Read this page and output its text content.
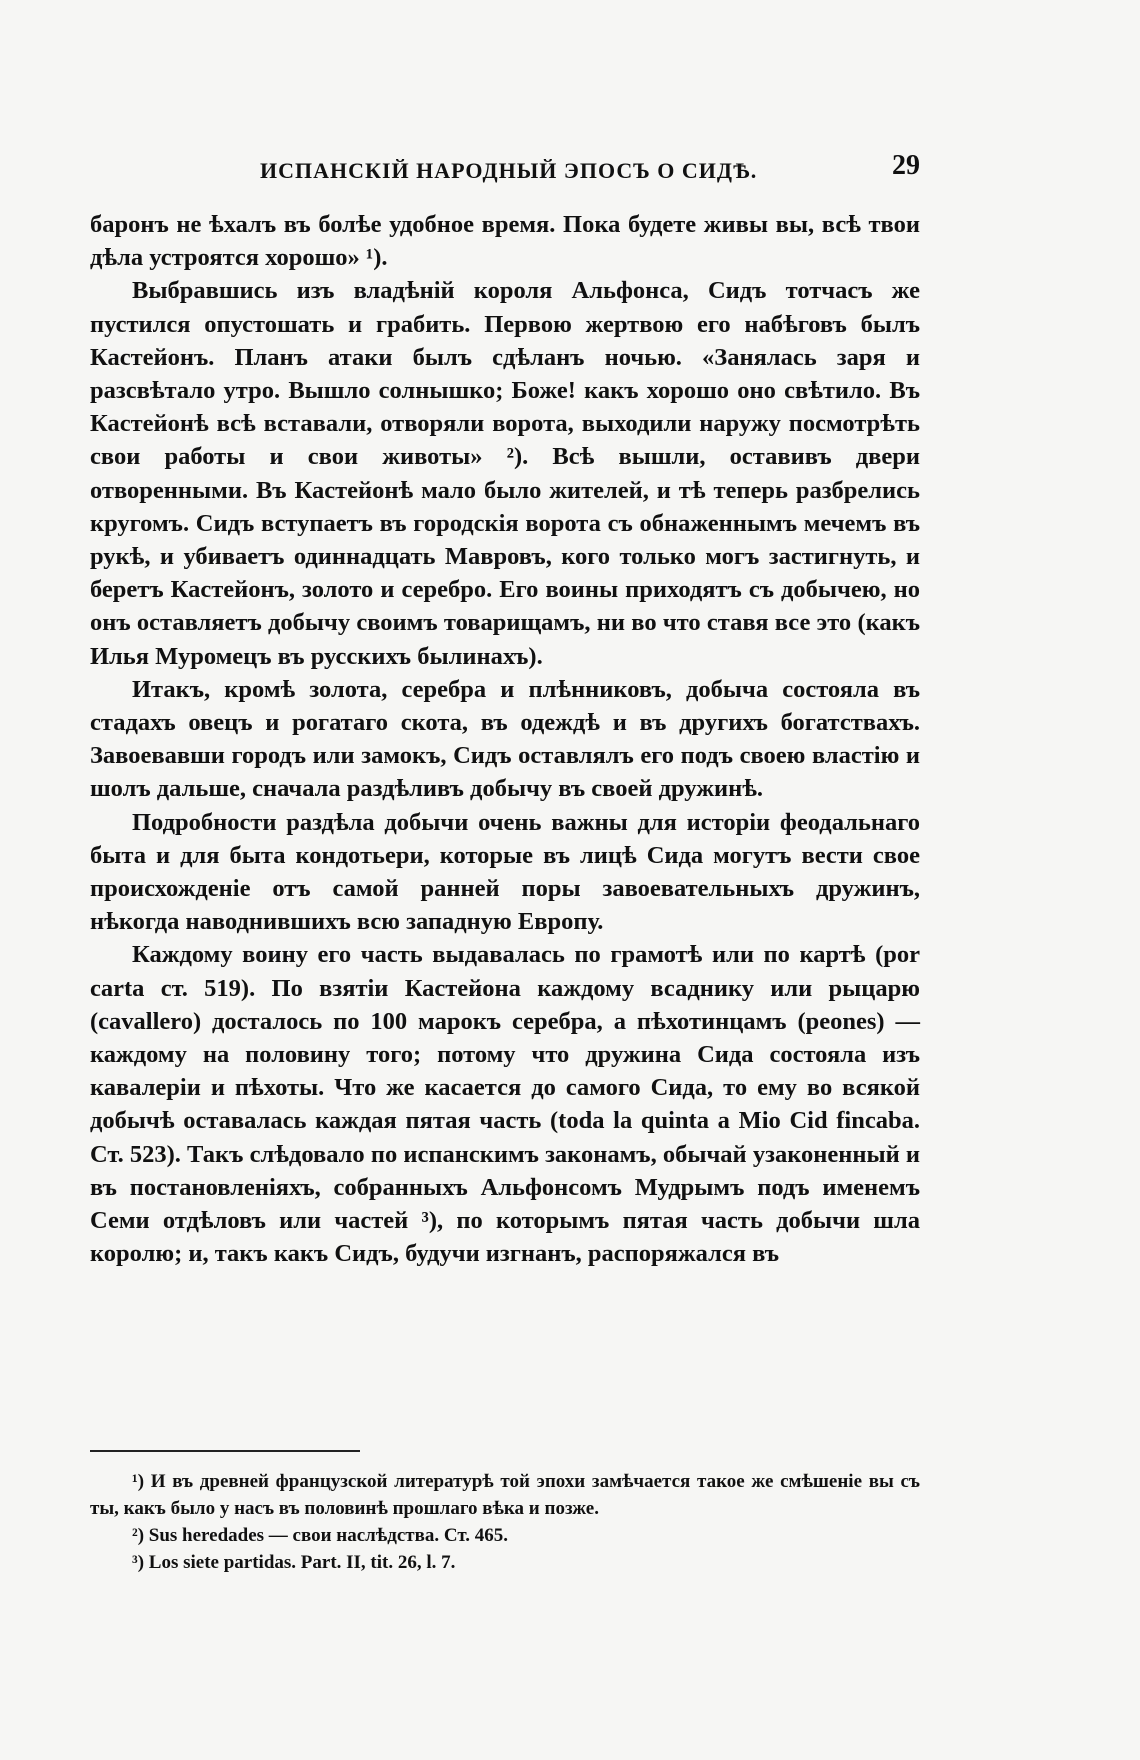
ИСПАНСКІЙ НАРОДНЫЙ ЭПОСЪ О СИДѢ.	29

баронъ не ѣхалъ въ болѣе удобное время. Пока будете живы вы, всѣ твои дѣла устроятся хорошо» ¹).

Выбравшись изъ владѣній короля Альфонса, Сидъ тотчасъ же пустился опустошать и грабить. Первою жертвою его набѣговъ былъ Кастейонъ. Планъ атаки былъ сдѣланъ ночью. «Занялась заря и разсвѣтало утро. Вышло солнышко; Боже! какъ хорошо оно свѣтило. Въ Кастейонѣ всѣ вставали, отворяли ворота, выходили наружу посмотрѣть свои работы и свои животы» ²). Всѣ вышли, оставивъ двери отворенными. Въ Кастейонѣ мало было жителей, и тѣ теперь разбрелись кругомъ. Сидъ вступаетъ въ городскія ворота съ обнаженнымъ мечемъ въ рукѣ, и убиваетъ одиннадцать Мавровъ, кого только могъ застигнуть, и беретъ Кастейонъ, золото и серебро. Его воины приходятъ съ добычею, но онъ оставляетъ добычу своимъ товарищамъ, ни во что ставя все это (какъ Илья Муромецъ въ русскихъ былинахъ).

Итакъ, кромѣ золота, серебра и плѣнниковъ, добыча состояла въ стадахъ овецъ и рогатаго скота, въ одеждѣ и въ другихъ богатствахъ. Завоевавши городъ или замокъ, Сидъ оставлялъ его подъ своею властію и шолъ дальше, сначала раздѣливъ добычу въ своей дружинѣ.

Подробности раздѣла добычи очень важны для исторіи феодальнаго быта и для быта кондотьери, которые въ лицѣ Сида могутъ вести свое происхожденіе отъ самой ранней поры завоевательныхъ дружинъ, нѣкогда наводнившихъ всю западную Европу.

Каждому воину его часть выдавалась по грамотѣ или по картѣ (por carta ст. 519). По взятіи Кастейона каждому всаднику или рыцарю (cavallero) досталось по 100 марокъ серебра, а пѣхотинцамъ (peones) — каждому на половину того; потому что дружина Сида состояла изъ кавалеріи и пѣхоты. Что же касается до самого Сида, то ему во всякой добычѣ оставалась каждая пятая часть (toda la quinta a Mio Cid fincaba. Ст. 523). Такъ слѣдовало по испанскимъ законамъ, обычай узаконенный и въ постановленіяхъ, собранныхъ Альфонсомъ Мудрымъ подъ именемъ Семи отдѣловъ или частей ³), по которымъ пятая часть добычи шла королю; и, такъ какъ Сидъ, будучи изгнанъ, распоряжался въ

¹) И въ древней французской литературѣ той эпохи замѣчается такое же смѣшеніе вы съ ты, какъ было у насъ въ половинѣ прошлаго вѣка и позже.

²) Sus heredades — свои наслѣдства. Ст. 465.

³) Los siete partidas. Part. II, tit. 26, l. 7.
